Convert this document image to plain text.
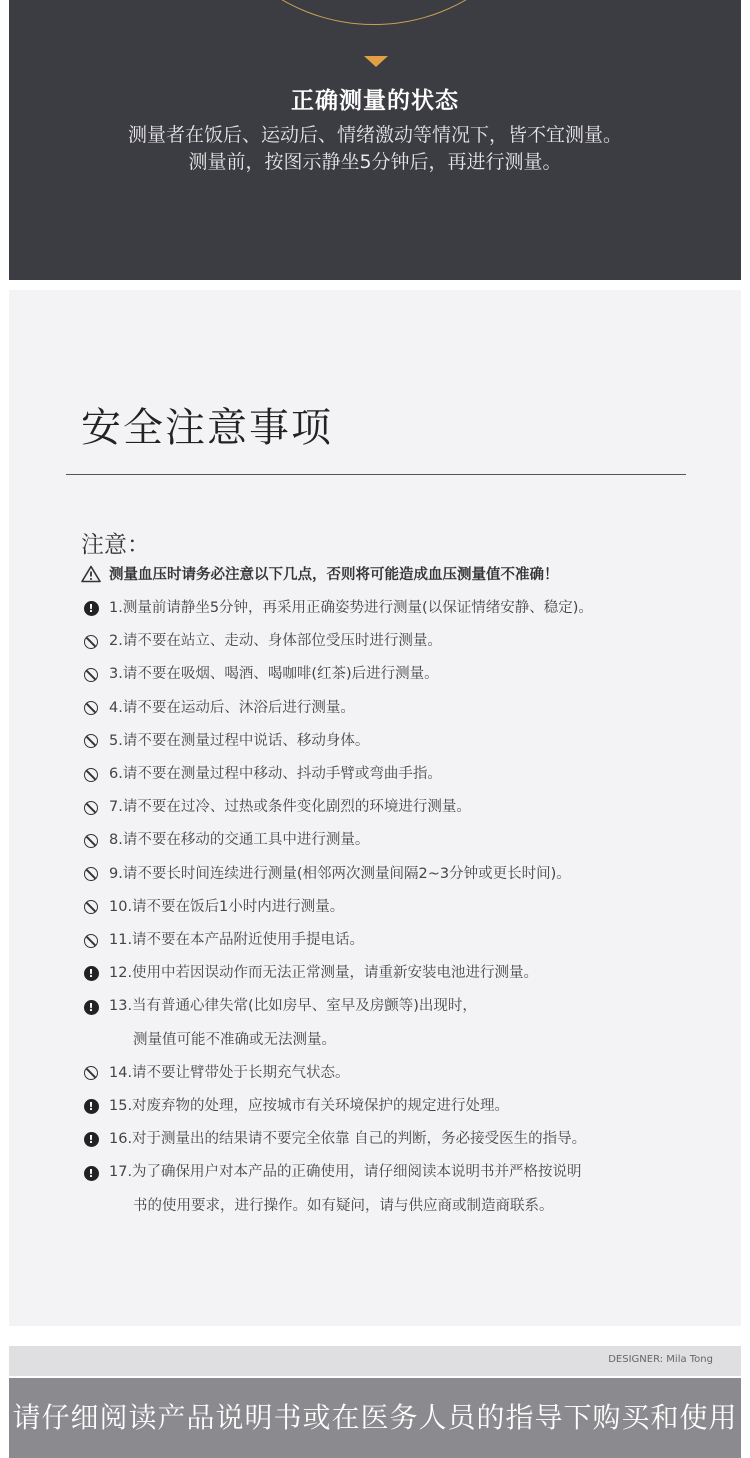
正确测量的状态
测量者在饭后、运动后、情绪激动等情况下，皆不宜测量。
测量前，按图示静坐5分钟后，再进行测量。
安全注意事项
注意：
测量血压时请务必注意以下几点，否则将可能造成血压测量值不准确！
!	1.测量前请静坐5分钟，再采用正确姿势进行测量(以保证情绪安静、稳定)。
2.请不要在站立、走动、身体部位受压时进行测量。
3.请不要在吸烟、喝酒、喝咖啡(红茶)后进行测量。
4.请不要在运动后、沐浴后进行测量。
5.请不要在测量过程中说话、移动身体。
6.请不要在测量过程中移动、抖动手臂或弯曲手指。
7.请不要在过冷、过热或条件变化剧烈的环境进行测量。
8.请不要在移动的交通工具中进行测量。
9.请不要长时间连续进行测量(相邻两次测量间隔2~3分钟或更长时间)。
10.请不要在饭后1小时内进行测量。
11.请不要在本产品附近使用手提电话。
!	12.使用中若因误动作而无法正常测量，请重新安装电池进行测量。
!	13.当有普通心律失常(比如房早、室早及房颤等)出现时，
测量值可能不准确或无法测量。
14.请不要让臂带处于长期充气状态。
!	15.对废弃物的处理，应按城市有关环境保护的规定进行处理。
!	16.对于测量出的结果请不要完全依靠 自己的判断，务必接受医生的指导。
!	17.为了确保用户对本产品的正确使用，请仔细阅读本说明书并严格按说明
书的使用要求，进行操作。如有疑问，请与供应商或制造商联系。
DESIGNER: Mila Tong
请仔细阅读产品说明书或在医务人员的指导下购买和使用
